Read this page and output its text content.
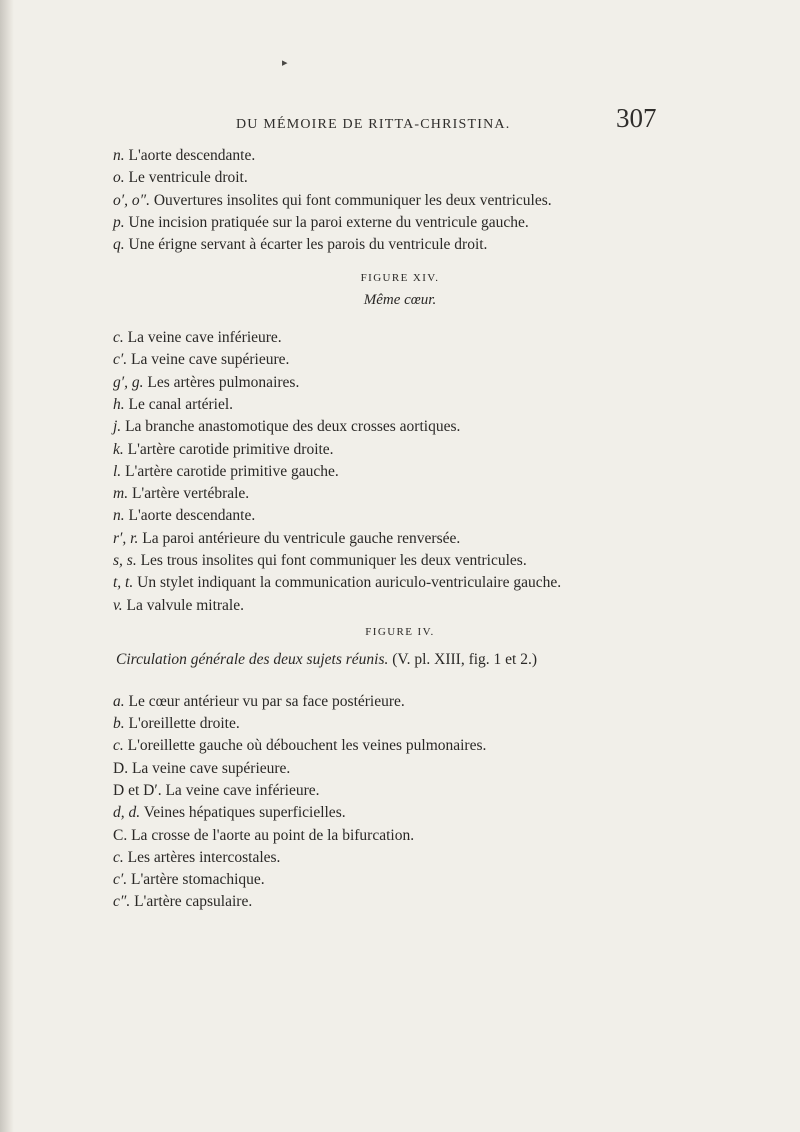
▸
DU MÉMOIRE DE RITTA-CHRISTINA.	307
n. L'aorte descendante.
o. Le ventricule droit.
o′, o″. Ouvertures insolites qui font communiquer les deux ventricules.
p. Une incision pratiquée sur la paroi externe du ventricule gauche.
q. Une érigne servant à écarter les parois du ventricule droit.
FIGURE XIV.
Même cœur.
c. La veine cave inférieure.
c′. La veine cave supérieure.
g′, g. Les artères pulmonaires.
h. Le canal artériel.
j. La branche anastomotique des deux crosses aortiques.
k. L'artère carotide primitive droite.
l. L'artère carotide primitive gauche.
m. L'artère vertébrale.
n. L'aorte descendante.
r′, r. La paroi antérieure du ventricule gauche renversée.
s, s. Les trous insolites qui font communiquer les deux ventricules.
t, t. Un stylet indiquant la communication auriculo-ventriculaire gauche.
v. La valvule mitrale.
FIGURE IV.
Circulation générale des deux sujets réunis. (V. pl. XIII, fig. 1 et 2.)
a. Le cœur antérieur vu par sa face postérieure.
b. L'oreillette droite.
c. L'oreillette gauche où débouchent les veines pulmonaires.
D. La veine cave supérieure.
D et D′. La veine cave inférieure.
d, d. Veines hépatiques superficielles.
C. La crosse de l'aorte au point de la bifurcation.
c. Les artères intercostales.
c′. L'artère stomachique.
c″. L'artère capsulaire.
